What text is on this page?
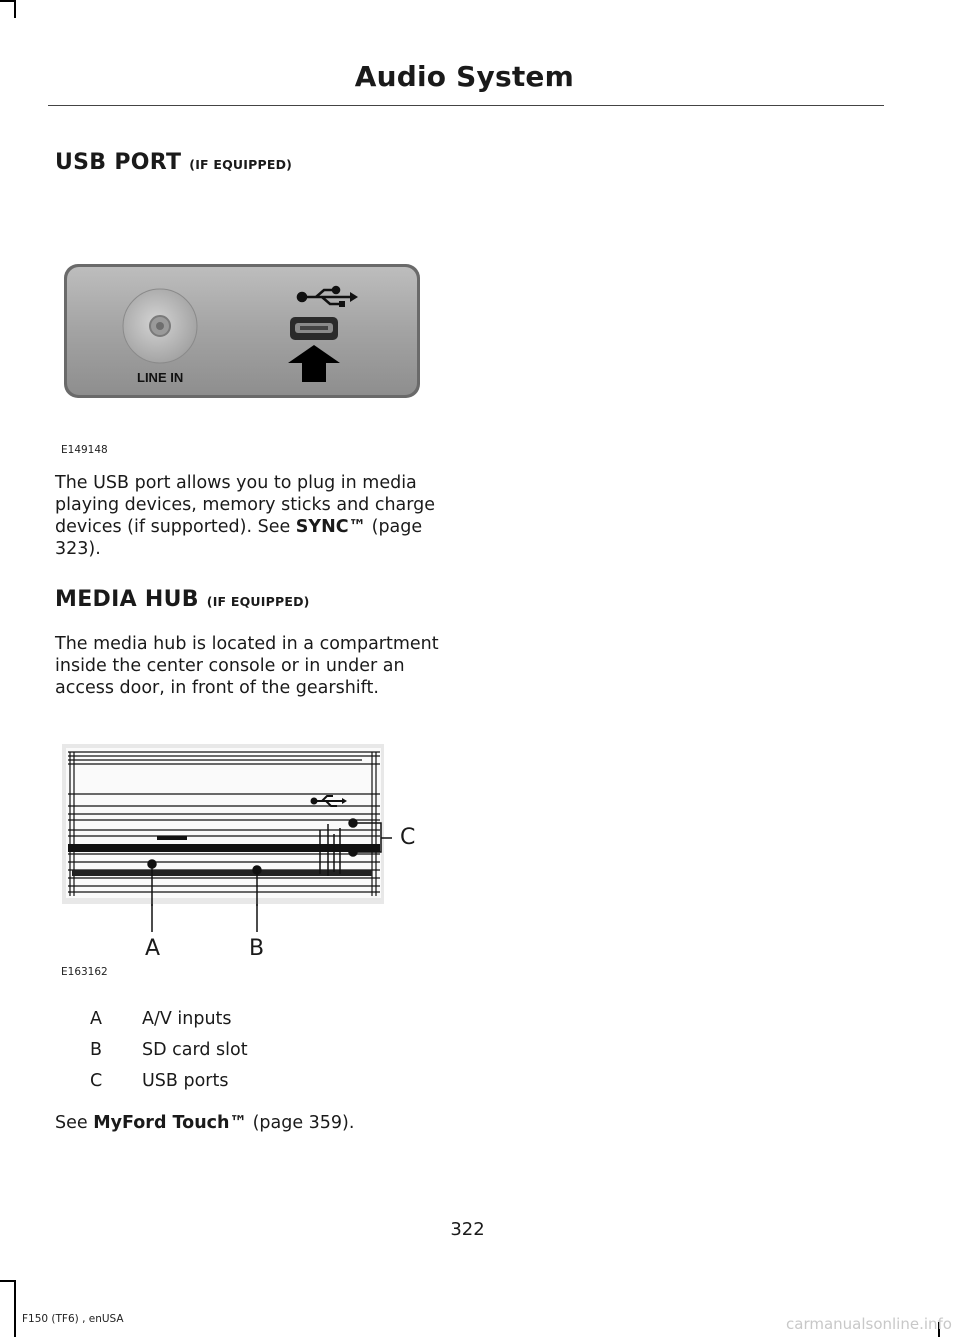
Audio System
USB PORT (IF EQUIPPED)
LINE IN
E149148
The USB port allows you to plug in media playing devices, memory sticks and charge devices (if supported). See SYNC™ (page 323).
MEDIA HUB (IF EQUIPPED)
The media hub is located in a compartment inside the center console or in under an access door, in front of the gearshift.
A	B
C
E163162
A A/V inputs
B SD card slot
C USB ports
See MyFord Touch™ (page 359).
322
F150 (TF6) , enUSA	carmanualsonline.info
